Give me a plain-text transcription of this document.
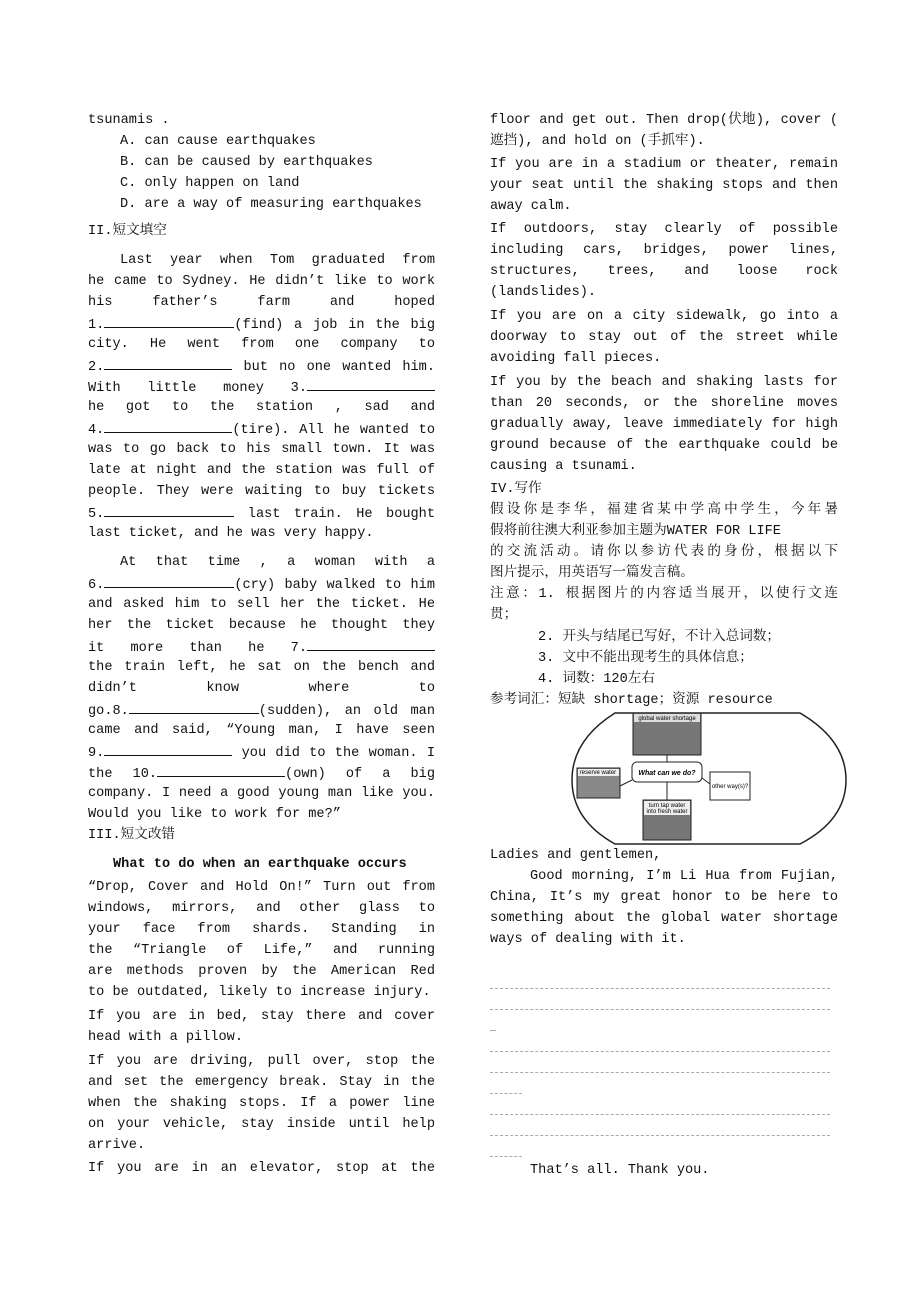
tsunamis .
A. can cause earthquakes
B. can be caused by earthquakes
C. only happen on land
D. are a way of measuring earthquakes
II.短文填空
Last year when Tom graduated from
he came to Sydney. He didn’t like to work
his father’s farm and hoped
1.	(find) a job in the big
city. He went from one company to
2.	but no one wanted him.
With little money 3.
he got to the station , sad and
4.	(tire). All he wanted to
was to go back to his small town. It was
late at night and the station was full of
people. They were waiting to buy tickets
5.	last train. He bought
last ticket, and he was very happy.
At that time , a woman with a
6.	(cry) baby walked to him
and asked him to sell her the ticket. He
her the ticket because he thought they
it more than he 7.
the train left, he sat on the bench and
didn’t know where to
go.8.	(sudden), an old man
came and said, “Young man, I have seen
9.	you did to the woman. I
the 10.	(own) of a big
company. I need a good young man like you.
Would you like to work for me?”
III.短文改错
What to do when an earthquake occurs
“Drop, Cover and Hold On!” Turn out from
windows, mirrors, and other glass to
your face from shards. Standing in
the “Triangle of Life,” and running
are methods proven by the American Red
to be outdated, likely to increase injury.
If you are in bed, stay there and cover
head with a pillow.
If you are driving, pull over, stop the
and set the emergency break. Stay in the
when the shaking stops. If a power line
on your vehicle, stay inside until help
arrive.
If you are in an elevator, stop at the
floor and get out. Then drop(伏地), cover (
遮挡), and hold on (手抓牢).
If you are in a stadium or theater, remain
your seat until the shaking stops and then
away calm.
If outdoors, stay clearly of possible
including cars, bridges, power lines,
structures, trees, and loose rock
(landslides).
If you are on a city sidewalk, go into a
doorway to stay out of the street while
avoiding fall pieces.
If you by the beach and shaking lasts for
than 20 seconds, or the shoreline moves
gradually away, leave immediately for high
ground because of the earthquake could be
causing a tsunami.
IV.写作
假设你是李华，福建省某中学高中学生，今年暑
假将前往澳大利亚参加主题为WATER FOR LIFE
的交流活动。请你以参访代表的身份，根据以下
图片提示，用英语写一篇发言稿。
注意：1. 根据图片的内容适当展开，以使行文连
贯；
2. 开头与结尾已写好，不计入总词数；
3. 文中不能出现考生的具体信息；
4. 词数：120左右
参考词汇：短缺 shortage；资源 resource
Ladies and gentlemen,
Good morning, I’m Li Hua from Fujian,
China, It’s my great honor to be here to
something about the global water shortage
ways of dealing with it.
That’s all. Thank you.
global water shortage
What can we do?
reserve water
other way(s)?
turn tap water
into fresh water
